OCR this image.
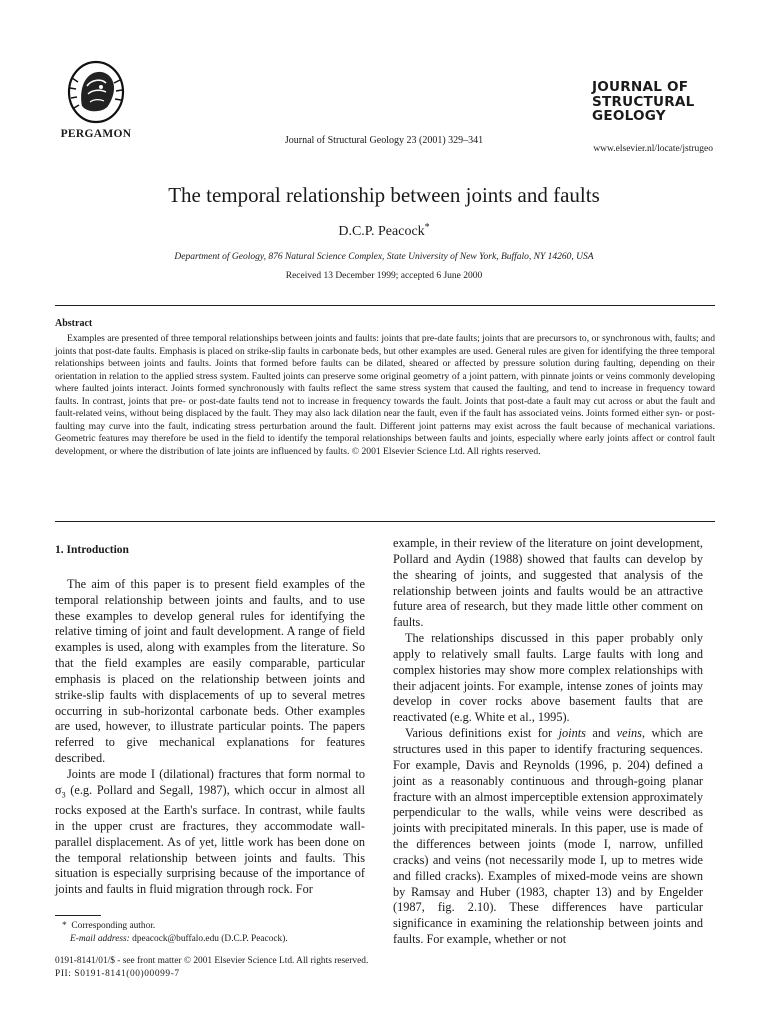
PERGAMON
Journal of Structural Geology 23 (2001) 329–341
JOURNAL OF
STRUCTURAL
GEOLOGY
www.elsevier.nl/locate/jstrugeo
The temporal relationship between joints and faults
D.C.P. Peacock*
Department of Geology, 876 Natural Science Complex, State University of New York, Buffalo, NY 14260, USA
Received 13 December 1999; accepted 6 June 2000
Abstract

Examples are presented of three temporal relationships between joints and faults: joints that pre-date faults; joints that are precursors to, or synchronous with, faults; and joints that post-date faults. Emphasis is placed on strike-slip faults in carbonate beds, but other examples are used. General rules are given for identifying the three temporal relationships between joints and faults. Joints that formed before faults can be dilated, sheared or affected by pressure solution during faulting, depending on their orientation in relation to the applied stress system. Faulted joints can preserve some original geometry of a joint pattern, with pinnate joints or veins commonly developing where faulted joints interact. Joints formed synchronously with faults reflect the same stress system that caused the faulting, and tend to increase in frequency toward faults. In contrast, joints that pre- or post-date faults tend not to increase in frequency towards the fault. Joints that post-date a fault may cut across or abut the fault and fault-related veins, without being displaced by the fault. They may also lack dilation near the fault, even if the fault has associated veins. Joints formed either syn- or post-faulting may curve into the fault, indicating stress perturbation around the fault. Different joint patterns may exist across the fault because of mechanical variations. Geometric features may therefore be used in the field to identify the temporal relationships between faults and joints, especially where early joints affect or control fault development, or where the distribution of late joints are influenced by faults. © 2001 Elsevier Science Ltd. All rights reserved.

1. Introduction

The aim of this paper is to present field examples of the temporal relationship between joints and faults, and to use these examples to develop general rules for identifying the relative timing of joint and fault development. A range of field examples is used, along with examples from the literature. So that the field examples are easily comparable, particular emphasis is placed on the relationship between joints and strike-slip faults with displacements of up to several metres occurring in sub-horizontal carbonate beds. Other examples are used, however, to illustrate particular points. The papers referred to give mechanical explanations for features described.

Joints are mode I (dilational) fractures that form normal to $\sigma_3$ (e.g. Pollard and Segall, 1987), which occur in almost all rocks exposed at the Earth's surface. In contrast, while faults in the upper crust are fractures, they accommodate wall-parallel displacement. As of yet, little work has been done on the temporal relationship between joints and faults. This situation is especially surprising because of the importance of joints and faults in fluid migration through rock. For

example, in their review of the literature on joint development, Pollard and Aydin (1988) showed that faults can develop by the shearing of joints, and suggested that analysis of the relationship between joints and faults would be an attractive future area of research, but they made little other comment on faults.

The relationships discussed in this paper probably only apply to relatively small faults. Large faults with long and complex histories may show more complex relationships with their adjacent joints. For example, intense zones of joints may develop in cover rocks above basement faults that are reactivated (e.g. White et al., 1995).

Various definitions exist for joints and veins, which are structures used in this paper to identify fracturing sequences. For example, Davis and Reynolds (1996, p. 204) defined a joint as a reasonably continuous and through-going planar fracture with an almost imperceptible extension approximately perpendicular to the walls, while veins were described as joints with precipitated minerals. In this paper, use is made of the differences between joints (mode I, narrow, unfilled cracks) and veins (not necessarily mode I, up to metres wide and filled cracks). Examples of mixed-mode veins are shown by Ramsay and Huber (1983, chapter 13) and by Engelder (1987, fig. 2.10). These differences have particular significance in examining the relationship between joints and faults. For example, whether or not

* Corresponding author.
E-mail address: dpeacock@buffalo.edu (D.C.P. Peacock).
0191-8141/01/$ - see front matter © 2001 Elsevier Science Ltd. All rights reserved.
PII: S0191-8141(00)00099-7
